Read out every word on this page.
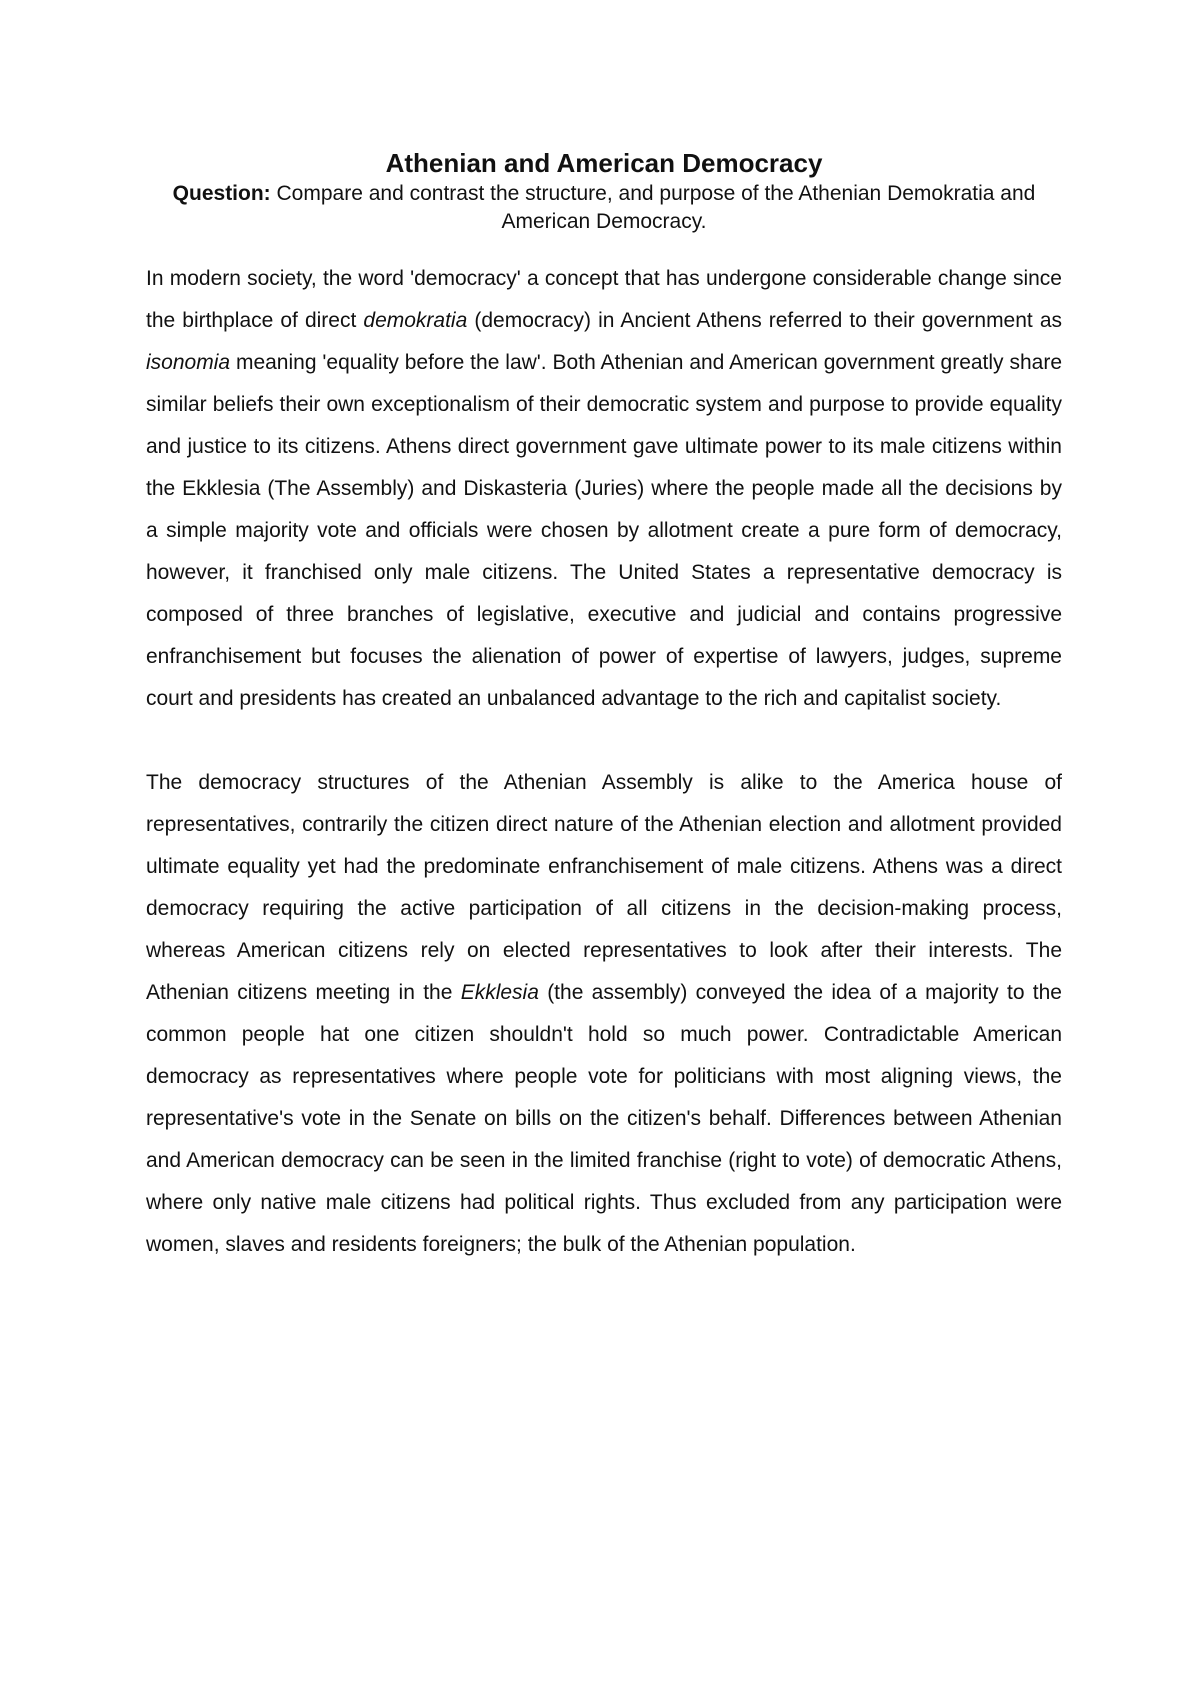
Athenian and American Democracy

Question: Compare and contrast the structure, and purpose of the Athenian Demokratia and American Democracy.

In modern society, the word 'democracy' a concept that has undergone considerable change since the birthplace of direct demokratia (democracy) in Ancient Athens referred to their government as isonomia meaning 'equality before the law'. Both Athenian and American government greatly share similar beliefs their own exceptionalism of their democratic system and purpose to provide equality and justice to its citizens. Athens direct government gave ultimate power to its male citizens within the Ekklesia (The Assembly) and Diskasteria (Juries) where the people made all the decisions by a simple majority vote and officials were chosen by allotment create a pure form of democracy, however, it franchised only male citizens. The United States a representative democracy is composed of three branches of legislative, executive and judicial and contains progressive enfranchisement but focuses the alienation of power of expertise of lawyers, judges, supreme court and presidents has created an unbalanced advantage to the rich and capitalist society.

The democracy structures of the Athenian Assembly is alike to the America house of representatives, contrarily the citizen direct nature of the Athenian election and allotment provided ultimate equality yet had the predominate enfranchisement of male citizens. Athens was a direct democracy requiring the active participation of all citizens in the decision-making process, whereas American citizens rely on elected representatives to look after their interests. The Athenian citizens meeting in the Ekklesia (the assembly) conveyed the idea of a majority to the common people hat one citizen shouldn't hold so much power. Contradictable American democracy as representatives where people vote for politicians with most aligning views, the representative's vote in the Senate on bills on the citizen's behalf. Differences between Athenian and American democracy can be seen in the limited franchise (right to vote) of democratic Athens, where only native male citizens had political rights. Thus excluded from any participation were women, slaves and residents foreigners; the bulk of the Athenian population.
